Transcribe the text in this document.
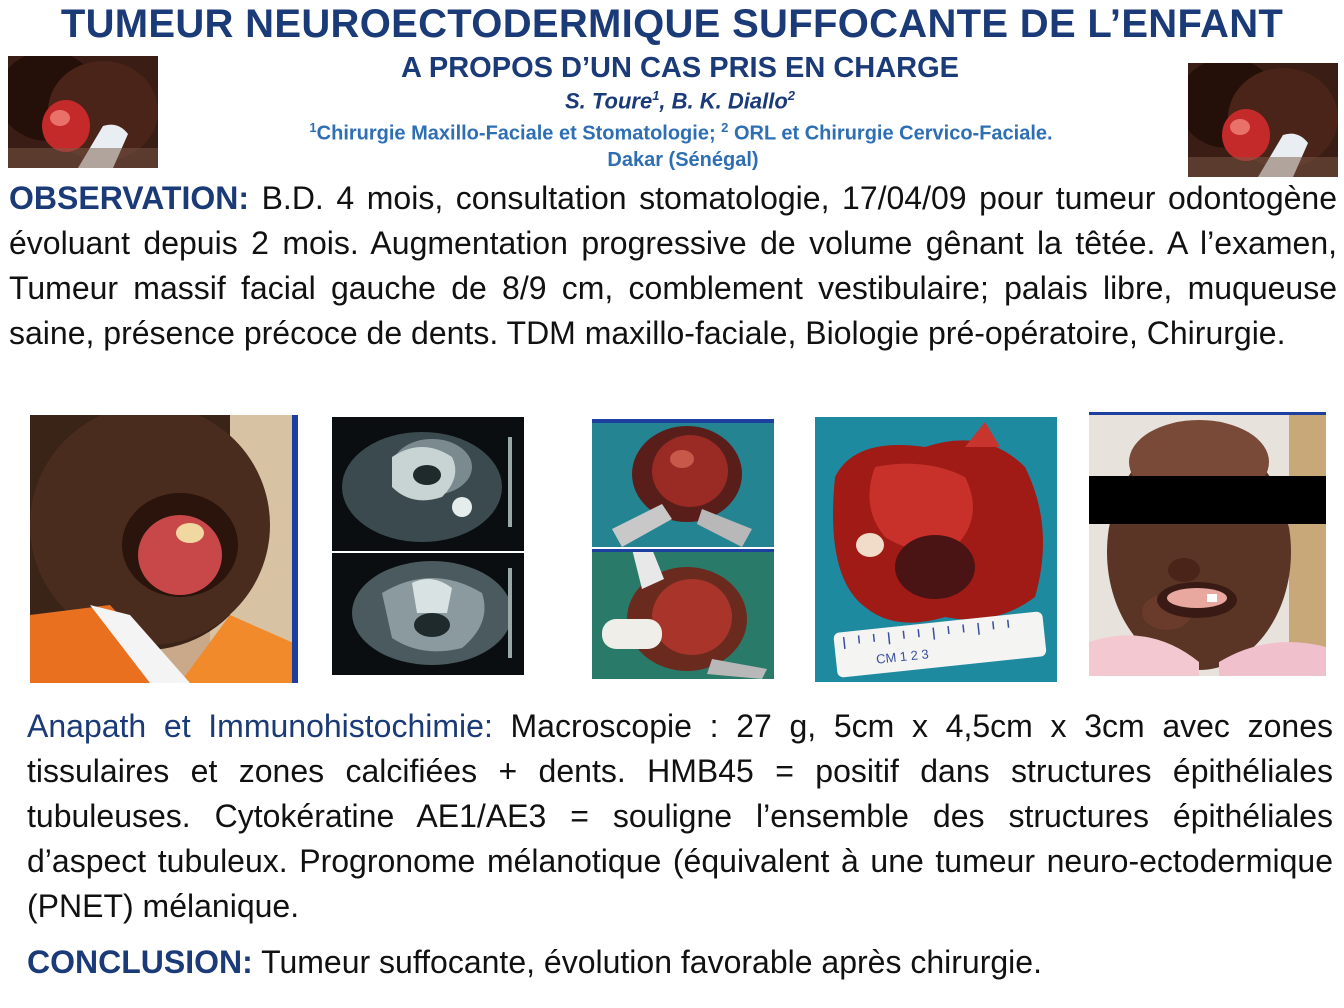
TUMEUR NEUROECTODERMIQUE SUFFOCANTE DE L’ENFANT
A PROPOS D’UN CAS PRIS EN CHARGE
S. Toure$^1$, B. K. Diallo$^2$
$^1$Chirurgie Maxillo-Faciale et Stomatologie; $^2$ ORL et Chirurgie Cervico-Faciale.
Dakar (Sénégal)
OBSERVATION: B.D. 4 mois, consultation stomatologie, 17/04/09 pour tumeur odontogène évoluant depuis 2 mois. Augmentation progressive de volume gênant la têtée. A l’examen, Tumeur massif facial gauche de 8/9 cm, comblement vestibulaire; palais libre, muqueuse saine, présence précoce de dents. TDM maxillo-faciale, Biologie pré-opératoire, Chirurgie.
CM 1 2 3
Anapath et Immunohistochimie: Macroscopie : 27 g, 5cm x 4,5cm x 3cm avec zones tissulaires et zones calcifiées + dents. HMB45 = positif dans structures épithéliales tubuleuses. Cytokératine AE1/AE3 = souligne l’ensemble des structures épithéliales d’aspect tubuleux. Progronome mélanotique (équivalent à une tumeur neuro-ectodermique (PNET) mélanique.
CONCLUSION: Tumeur suffocante, évolution favorable après chirurgie.
